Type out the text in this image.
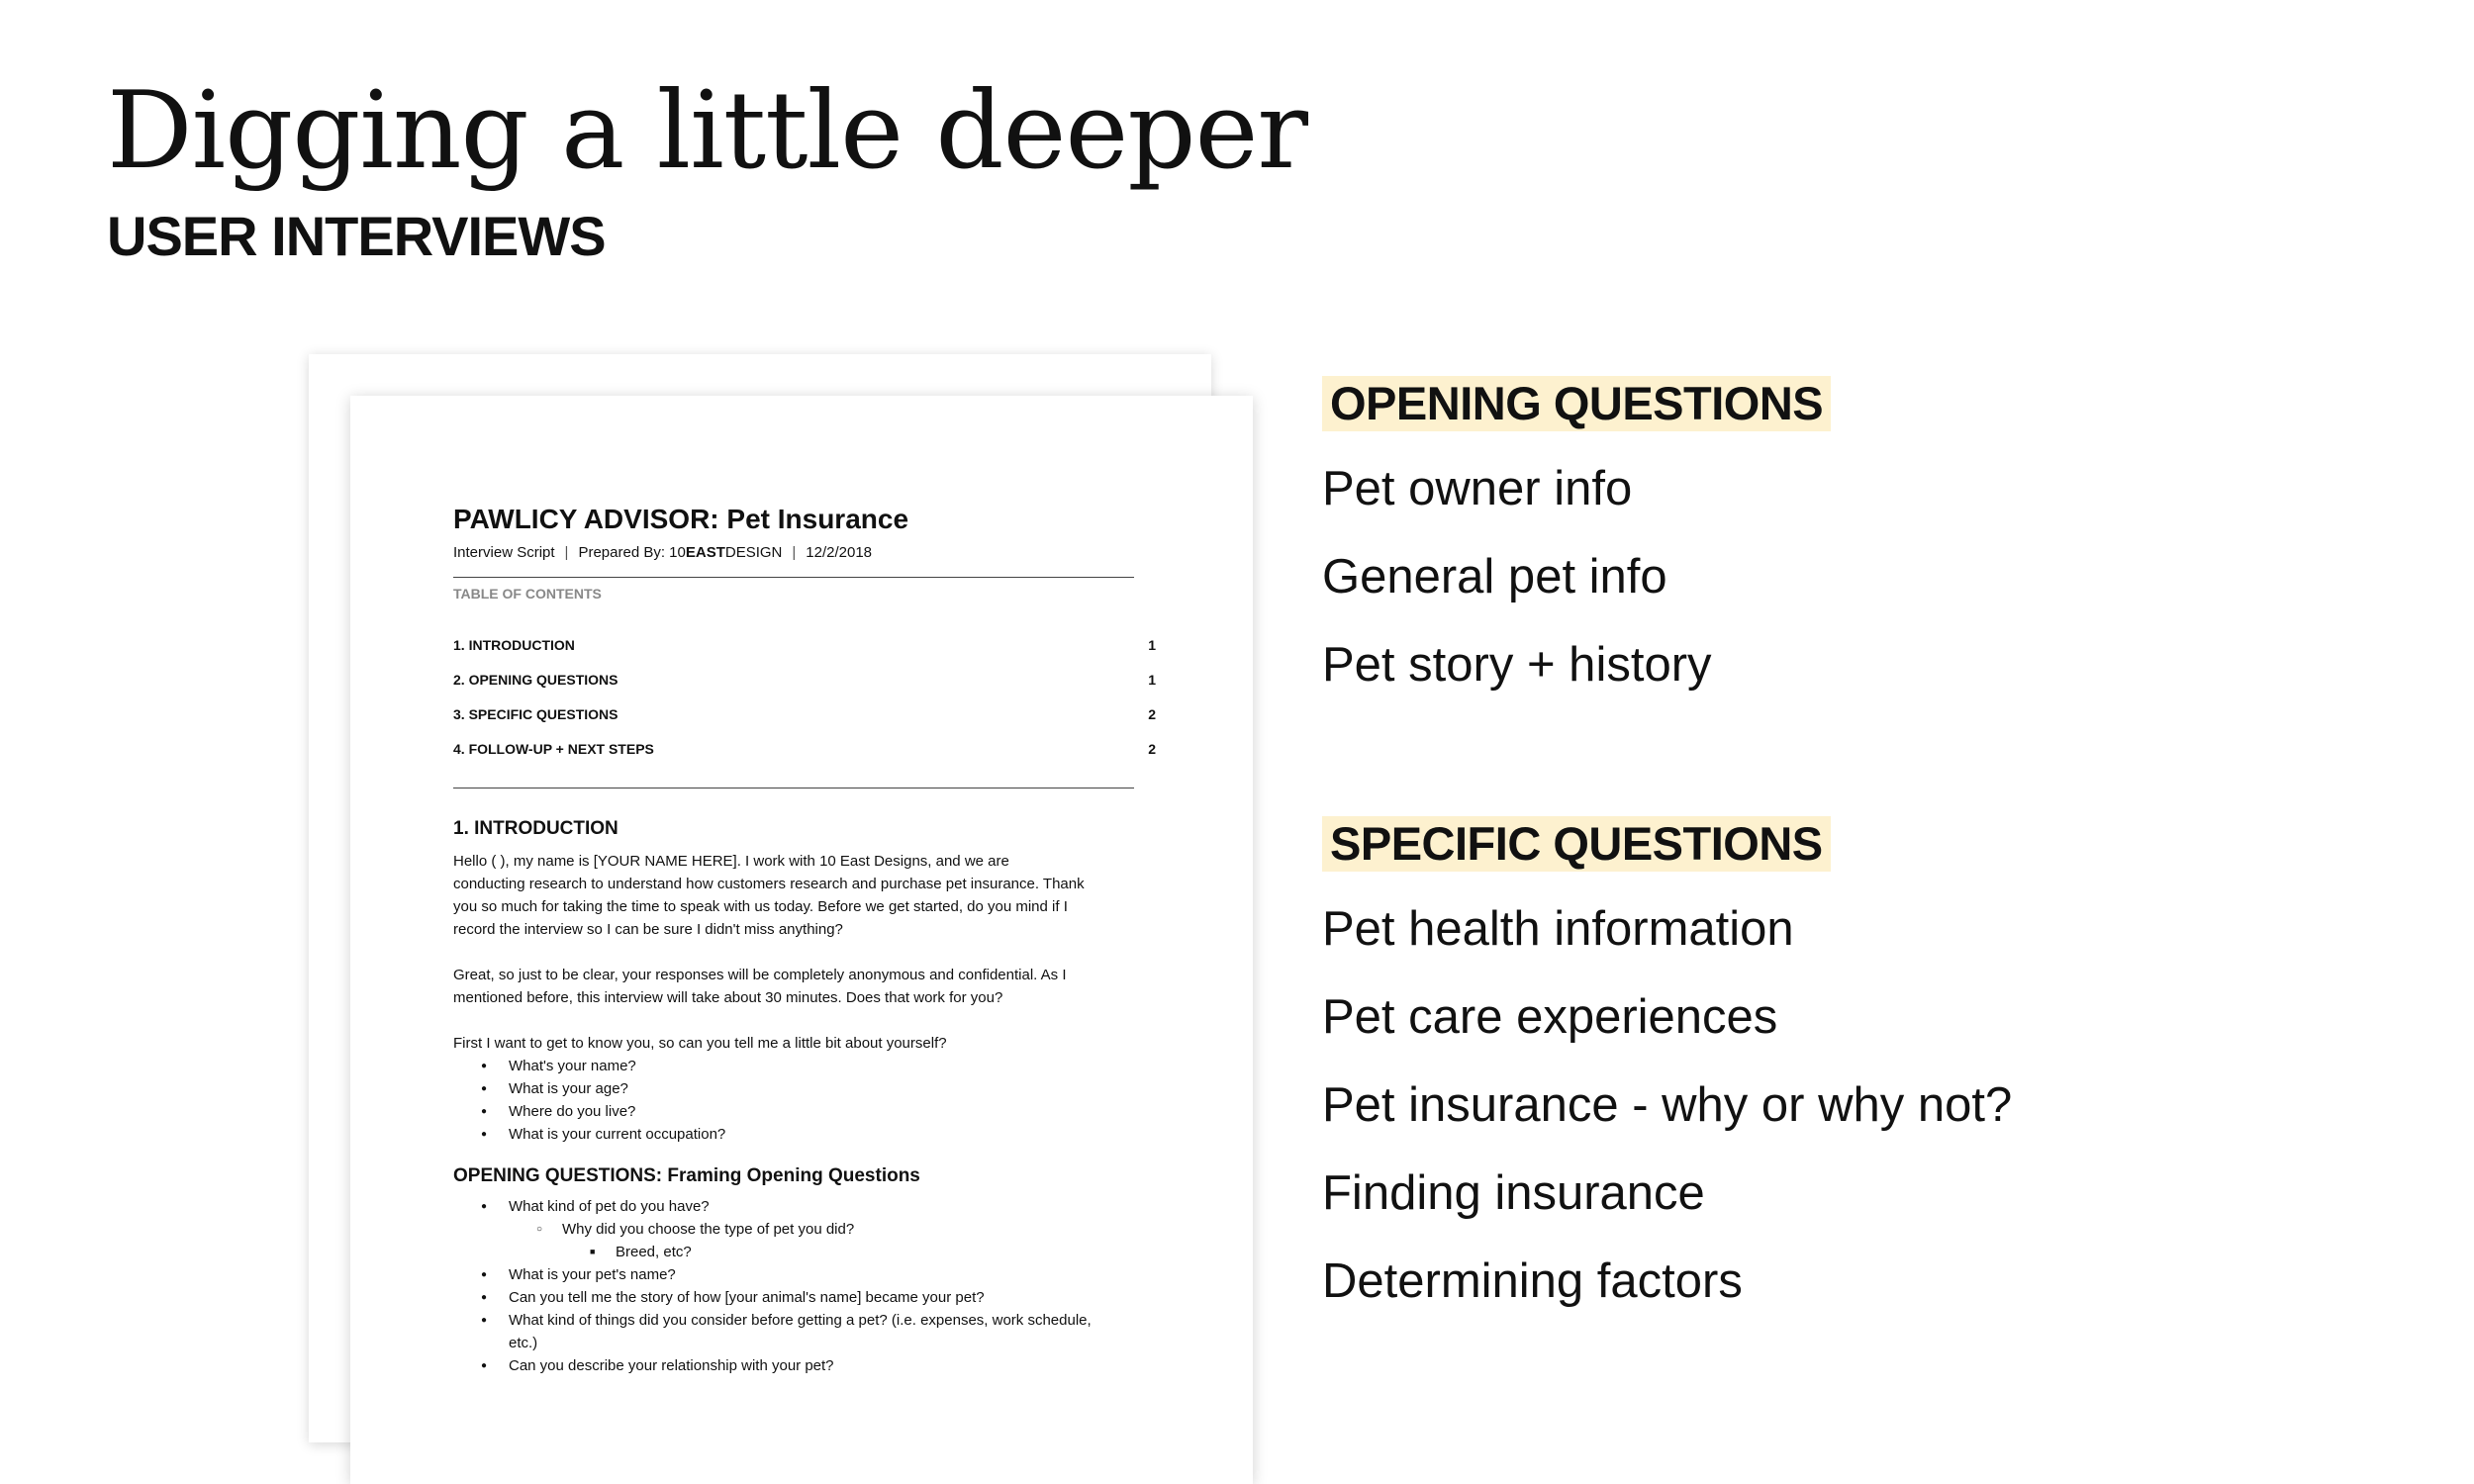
Digging a little deeper
USER INTERVIEWS
PAWLICY ADVISOR: Pet Insurance
Interview Script | Prepared By: 10EASTDESIGN | 12/2/2018
TABLE OF CONTENTS
1. INTRODUCTION	1
2. OPENING QUESTIONS	1
3. SPECIFIC QUESTIONS	2
4. FOLLOW-UP + NEXT STEPS	2
1. INTRODUCTION

Hello ( ), my name is [YOUR NAME HERE]. I work with 10 East Designs, and we are

conducting research to understand how customers research and purchase pet insurance. Thank

you so much for taking the time to speak with us today. Before we get started, do you mind if I

record the interview so I can be sure I didn't miss anything?

Great, so just to be clear, your responses will be completely anonymous and confidential. As I

mentioned before, this interview will take about 30 minutes. Does that work for you?

First I want to get to know you, so can you tell me a little bit about yourself?

● What's your name?
● What is your age?
● Where do you live?
● What is your current occupation?
OPENING QUESTIONS: Framing Opening Questions
● What kind of pet do you have?
○ Why did you choose the type of pet you did?
■ Breed, etc?
● What is your pet's name?
● Can you tell me the story of how [your animal's name] became your pet?
● What kind of things did you consider before getting a pet? (i.e. expenses, work schedule,
etc.)
● Can you describe your relationship with your pet?
OPENING QUESTIONS

Pet owner info

General pet info

Pet story + history

SPECIFIC QUESTIONS

Pet health information

Pet care experiences

Pet insurance - why or why not?

Finding insurance

Determining factors
